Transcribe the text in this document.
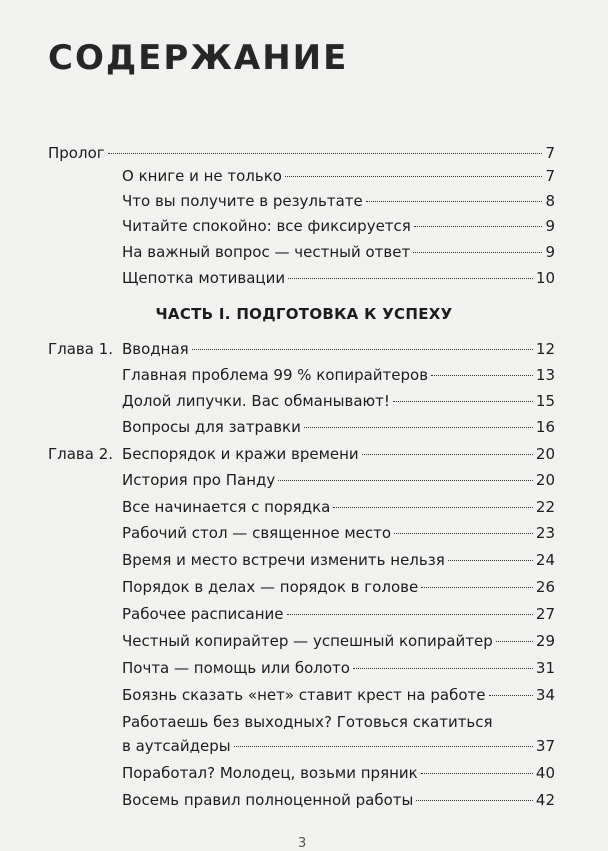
СОДЕРЖАНИЕ
Пролог	7
О книге и не только	7
Что вы получите в результате	8
Читайте спокойно: все фиксируется	9
На важный вопрос — честный ответ	9
Щепотка мотивации	10
ЧАСТЬ I. ПОДГОТОВКА К УСПЕХУ
Глава 1. Вводная	12
Главная проблема 99 % копирайтеров	13
Долой липучки. Вас обманывают!	15
Вопросы для затравки	16
Глава 2. Беспорядок и кражи времени	20
История про Панду	20
Все начинается с порядка	22
Рабочий стол — священное место	23
Время и место встречи изменить нельзя	24
Порядок в делах — порядок в голове	26
Рабочее расписание	27
Честный копирайтер — успешный копирайтер	29
Почта — помощь или болото	31
Боязнь сказать «нет» ставит крест на работе	34
Работаешь без выходных? Готовься скатиться
в аутсайдеры	37
Поработал? Молодец, возьми пряник	40
Восемь правил полноценной работы	42
3
